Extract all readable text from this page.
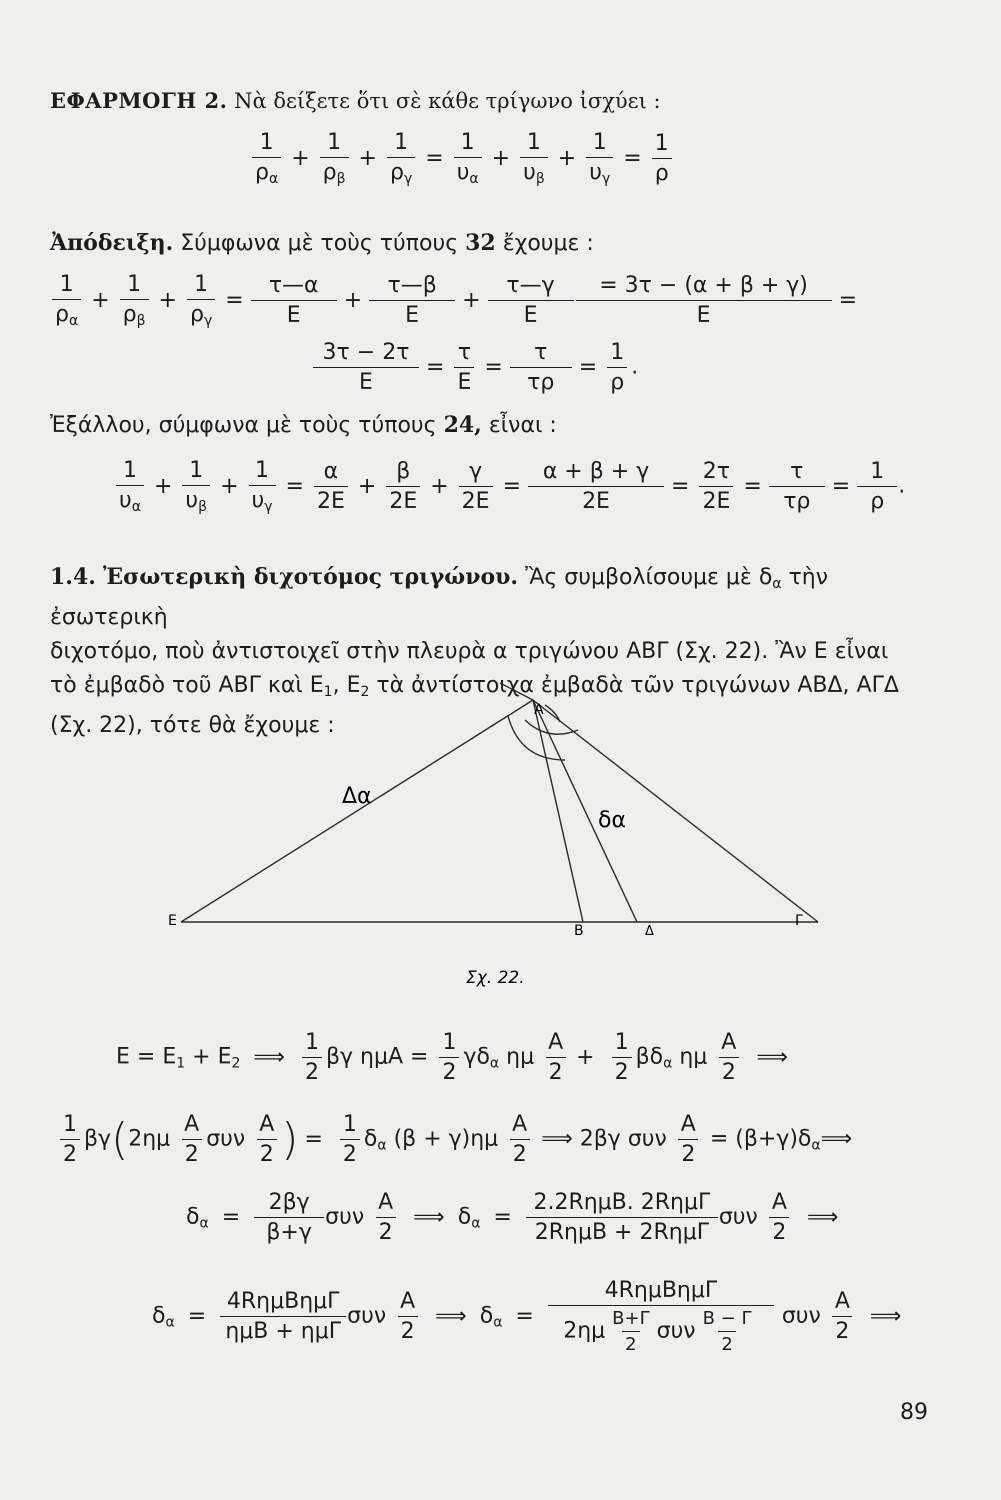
ΕΦΑΡΜΟΓΗ 2. Νὰ δείξετε ὅτι σὲ κάθε τρίγωνο ἰσχύει :
$\frac{1}{\rho_\alpha} + \frac{1}{\rho_\beta} + \frac{1}{\rho_\gamma} = \frac{1}{\upsilon_\alpha} + \frac{1}{\upsilon_\beta} + \frac{1}{\upsilon_\gamma} = \frac{1}{\rho}$
Ἀπόδειξη. Σύμφωνα μὲ τοὺς τύπους 32 ἔχουμε :
$\frac{1}{\rho_\alpha} + \frac{1}{\rho_\beta} + \frac{1}{\rho_\gamma} = \frac{\tau—\alpha}{E} + \frac{\tau—\beta}{E} + \frac{\tau—\gamma}{E} \frac{= 3\tau - (\alpha + \beta + \gamma)}{E}$ =
$\frac{3\tau - 2\tau}{E} = \frac{\tau}{E} = \frac{\tau}{\tau\rho} = \frac{1}{\rho}$ .
Ἐξάλλου, σύμφωνα μὲ τοὺς τύπους 24, εἶναι :
$\frac{1}{\upsilon_\alpha} + \frac{1}{\upsilon_\beta} + \frac{1}{\upsilon_\gamma} = \frac{\alpha}{2E} + \frac{\beta}{2E} + \frac{\gamma}{2E} = \frac{\alpha + \beta + \gamma}{2E} = \frac{2\tau}{2E} = \frac{\tau}{\tau\rho} = \frac{1}{\rho}$ .
1.4. Ἐσωτερικὴ διχοτόμος τριγώνου. Ἂς συμβολίσουμε μὲ $\delta_\alpha$ τὴν ἐσωτερικὴ
διχοτόμο, ποὺ ἀντιστοιχεῖ στὴν πλευρὰ α τριγώνου ΑΒΓ (Σχ. 22). Ἂν Ε εἶναι
τὸ ἐμβαδὸ τοῦ ΑΒΓ καὶ $E_1$, $E_2$ τὰ ἀντίστοιχα ἐμβαδὰ τῶν τριγώνων ΑΒΔ, ΑΓΔ
(Σχ. 22), τότε θὰ ἔχουμε :
Α
Β
Γ
Δ
Ε
Δα
δα
Σχ. 22.
$E = E_1 + E_2$ ⟹ $\frac{1}{2}$ βγ $\eta\mu A = \frac{1}{2} \gamma\delta_\alpha$ ημ $\frac{A}{2} + \frac{1}{2} \beta\delta_\alpha$ ημ $\frac{A}{2}$ ⟹
$\frac{1}{2} \beta\gamma(2\eta\mu \frac{A}{2}$ συν $\frac{A}{2}$ ) = $\frac{1}{2} \delta_\alpha$ $(\beta + \gamma)\eta\mu \frac{A}{2}$ ⟹ 2βγ συν $\frac{A}{2}$ = $(\beta+\gamma)\delta_\alpha⟹$
$\delta_\alpha = \frac{2\beta\gamma}{\beta+\gamma}$ συν $\frac{A}{2}$ ⟹ $\delta_\alpha = \frac{\text{2.2RημΒ. 2RημΓ}}{\text{2RημΒ + 2RημΓ}}$ συν $\frac{A}{2}$ ⟹
$\delta_\alpha = \frac{\text{4RημΒημΓ}}{\text{ημΒ + ημΓ}}$ συν $\frac{A}{2}$ ⟹ $\delta_\alpha = \frac{\text{4RημΒημΓ}}{2\eta\mu \frac{B+\Gamma}{2} \sigma\upsilon\nu \frac{B - \Gamma}{2}}$ συν $\frac{A}{2}$ ⟹
89
